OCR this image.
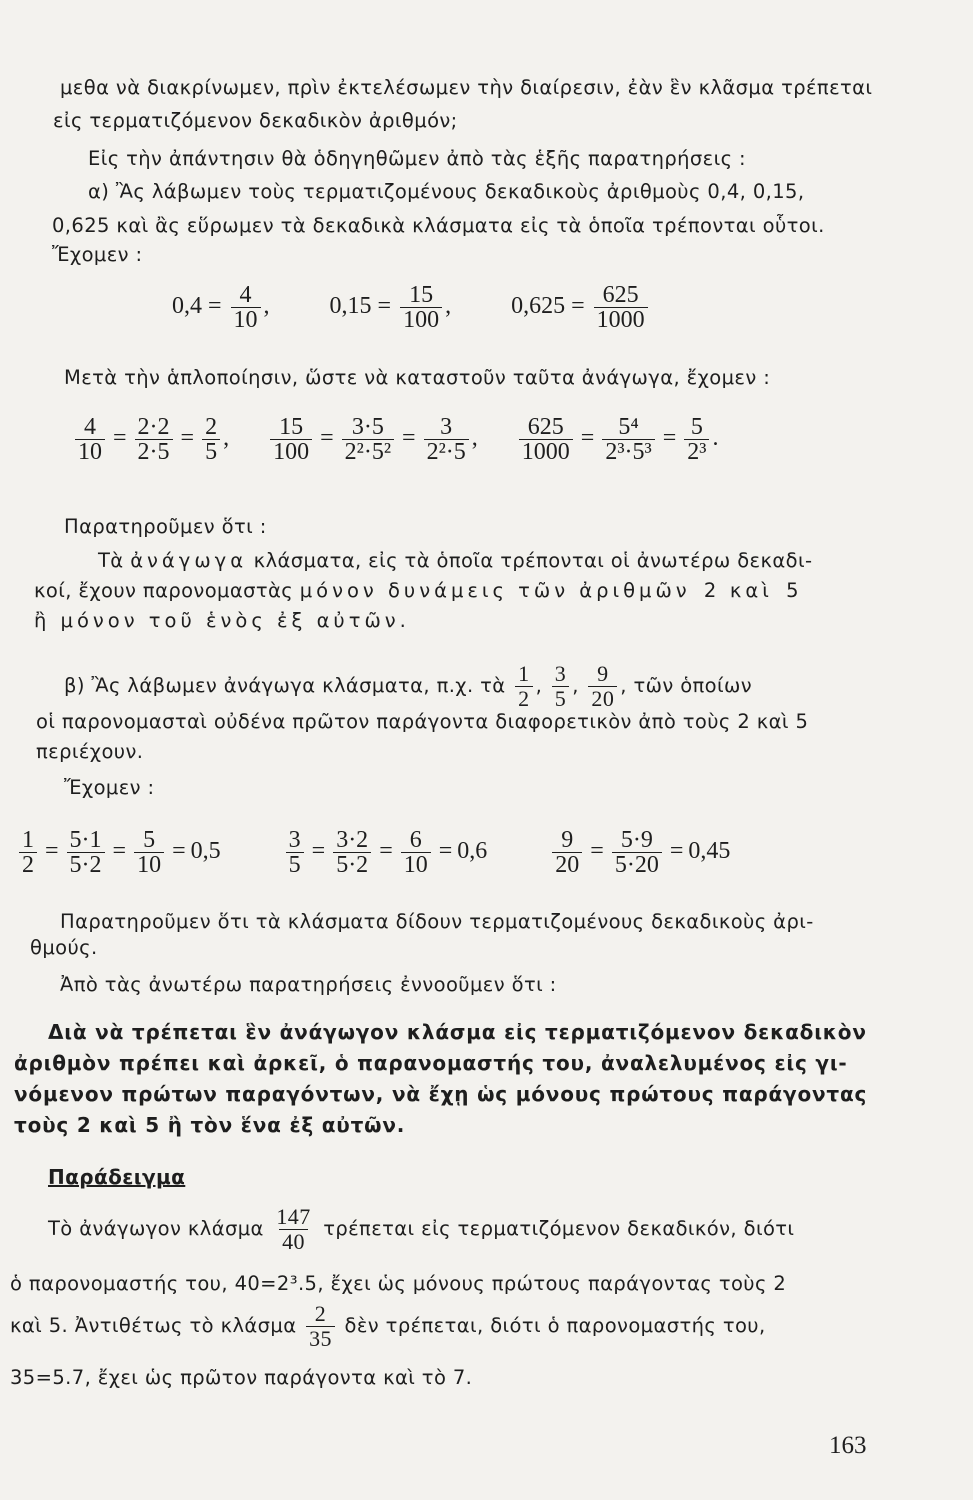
μεθα νὰ διακρίνωμεν, πρὶν ἐκτελέσωμεν τὴν διαίρεσιν, ἐὰν ἓν κλᾶσμα τρέπεται
εἰς τερματιζόμενον δεκαδικὸν ἀριθμόν;
Εἰς τὴν ἀπάντησιν θὰ ὁδηγηθῶμεν ἀπὸ τὰς ἑξῆς παρατηρήσεις :
α) Ἂς λάβωμεν τοὺς τερματιζομένους δεκαδικοὺς ἀριθμοὺς 0,4, 0,15,
0,625 καὶ ἂς εὕρωμεν τὰ δεκαδικὰ κλάσματα εἰς τὰ ὁποῖα τρέπονται οὗτοι.
Ἔχομεν :
$0,4 = \frac{4}{10}$ ,	$0,15 = \frac{15}{100}$ ,	$0,625 = \frac{625}{1000}$
Μετὰ τὴν ἁπλοποίησιν, ὥστε νὰ καταστοῦν ταῦτα ἀνάγωγα, ἔχομεν :
$\frac{4}{10} = \frac{2\cdot 2}{2\cdot 5} = \frac{2}{5}$ , $\frac{15}{100} = \frac{3\cdot 5}{\text{2²·5²}} = \frac{3}{\text{2²·5}}$ , $\frac{625}{1000} = \frac{\text{5⁴}}{\text{2³·5³}} = \frac{5}{\text{2³}}$ .
Παρατηροῦμεν ὅτι :
Τὰ ἀνάγωγα κλάσματα, εἰς τὰ ὁποῖα τρέπονται οἱ ἀνωτέρω δεκαδι-
κοί, ἔχουν παρονομαστὰς μόνον δυνάμεις τῶν ἀριθμῶν 2 καὶ 5
ἢ μόνον τοῦ ἑνὸς ἐξ αὐτῶν.
β) Ἂς λάβωμεν ἀνάγωγα κλάσματα, π.χ. τὰ $\frac{1}{2}$ , $\frac{3}{5}$ , $\frac{9}{20}$ , τῶν ὁποίων
οἱ παρονομασταὶ οὐδένα πρῶτον παράγοντα διαφορετικὸν ἀπὸ τοὺς 2 καὶ 5
περιέχουν.
Ἔχομεν :
$\frac{1}{2} = \frac{5\cdot 1}{5\cdot 2} = \frac{5}{10} = 0,5$	$\frac{3}{5} = \frac{3\cdot 2}{5\cdot 2} = \frac{6}{10} = 0,6$	$\frac{9}{20} = \frac{5\cdot 9}{5\cdot 20} = 0,45$
Παρατηροῦμεν ὅτι τὰ κλάσματα δίδουν τερματιζομένους δεκαδικοὺς ἀρι-
θμούς.
Ἀπὸ τὰς ἀνωτέρω παρατηρήσεις ἐννοοῦμεν ὅτι :
Διὰ νὰ τρέπεται ἓν ἀνάγωγον κλάσμα εἰς τερματιζόμενον δεκαδικὸν
ἀριθμὸν πρέπει καὶ ἀρκεῖ, ὁ παρανομαστής του, ἀναλελυμένος εἰς γι-
νόμενον πρώτων παραγόντων, νὰ ἔχῃ ὡς μόνους πρώτους παράγοντας
τοὺς 2 καὶ 5 ἢ τὸν ἕνα ἐξ αὐτῶν.
Παράδειγμα
Τὸ ἀνάγωγον κλάσμα $\frac{147}{40}$ τρέπεται εἰς τερματιζόμενον δεκαδικόν, διότι
ὁ παρονομαστής του, 40=2³.5, ἔχει ὡς μόνους πρώτους παράγοντας τοὺς 2
καὶ 5. Ἀντιθέτως τὸ κλάσμα $\frac{2}{35}$ δὲν τρέπεται, διότι ὁ παρονομαστής του,
35=5.7, ἔχει ὡς πρῶτον παράγοντα καὶ τὸ 7.
163
